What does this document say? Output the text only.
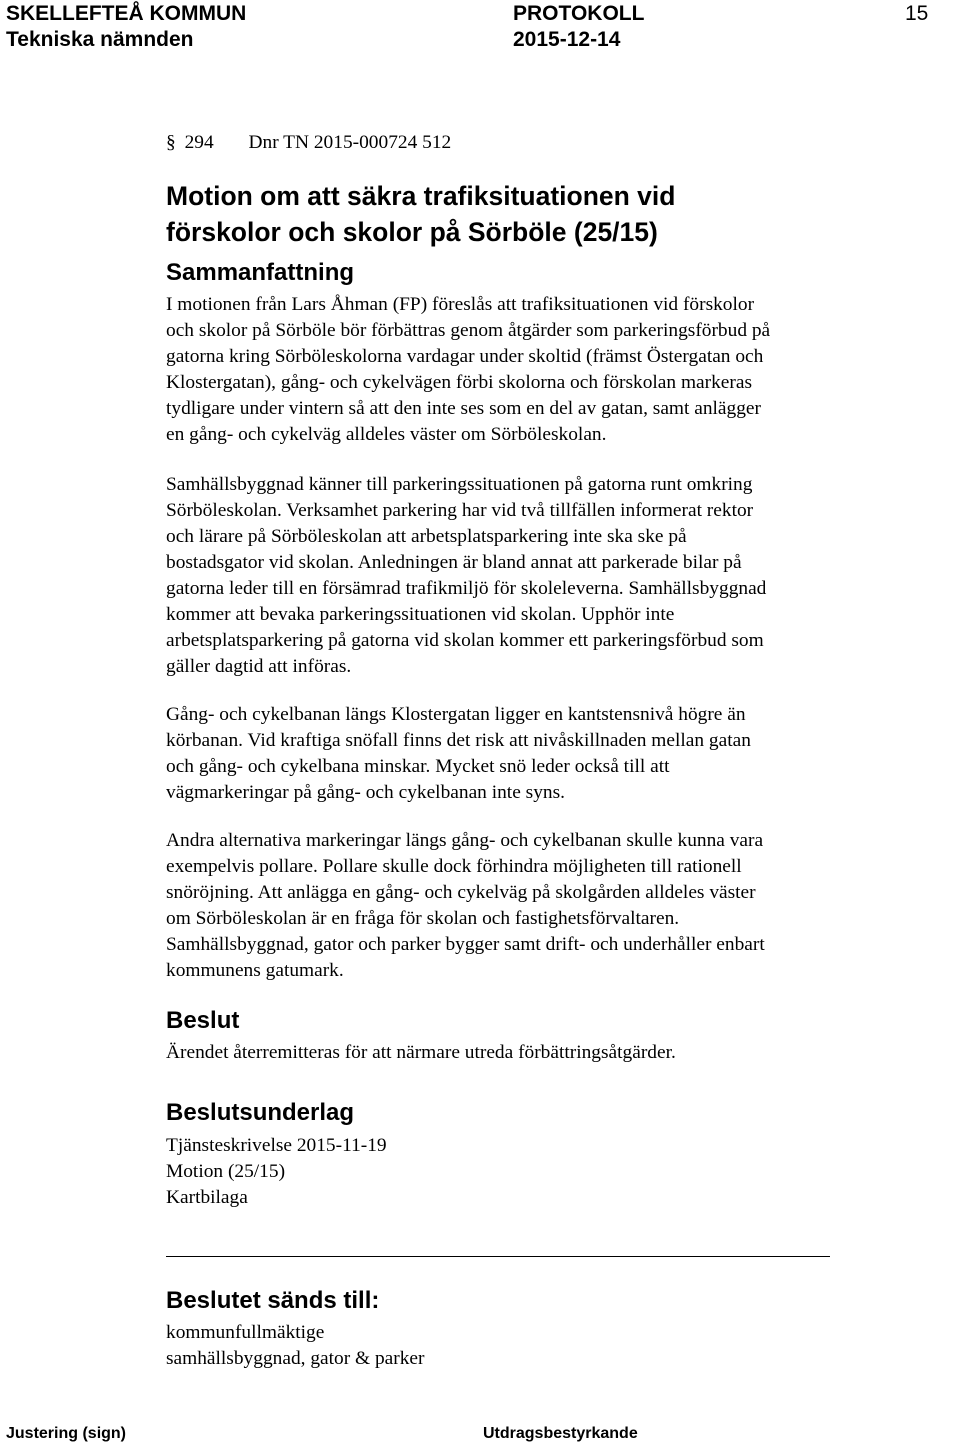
SKELLEFTEÅ KOMMUN
Tekniska nämnden
PROTOKOLL
2015-12-14
15
§ 294 Dnr TN 2015-000724 512
Motion om att säkra trafiksituationen vid
förskolor och skolor på Sörböle (25/15)
Sammanfattning
I motionen från Lars Åhman (FP) föreslås att trafiksituationen vid förskolor
och skolor på Sörböle bör förbättras genom åtgärder som parkeringsförbud på
gatorna kring Sörböleskolorna vardagar under skoltid (främst Östergatan och
Klostergatan), gång- och cykelvägen förbi skolorna och förskolan markeras
tydligare under vintern så att den inte ses som en del av gatan, samt anlägger
en gång- och cykelväg alldeles väster om Sörböleskolan.
Samhällsbyggnad känner till parkeringssituationen på gatorna runt omkring
Sörböleskolan. Verksamhet parkering har vid två tillfällen informerat rektor
och lärare på Sörböleskolan att arbetsplatsparkering inte ska ske på
bostadsgator vid skolan. Anledningen är bland annat att parkerade bilar på
gatorna leder till en försämrad trafikmiljö för skoleleverna. Samhällsbyggnad
kommer att bevaka parkeringssituationen vid skolan. Upphör inte
arbetsplatsparkering på gatorna vid skolan kommer ett parkeringsförbud som
gäller dagtid att införas.
Gång- och cykelbanan längs Klostergatan ligger en kantstensnivå högre än
körbanan. Vid kraftiga snöfall finns det risk att nivåskillnaden mellan gatan
och gång- och cykelbana minskar. Mycket snö leder också till att
vägmarkeringar på gång- och cykelbanan inte syns.
Andra alternativa markeringar längs gång- och cykelbanan skulle kunna vara
exempelvis pollare. Pollare skulle dock förhindra möjligheten till rationell
snöröjning. Att anlägga en gång- och cykelväg på skolgården alldeles väster
om Sörböleskolan är en fråga för skolan och fastighetsförvaltaren.
Samhällsbyggnad, gator och parker bygger samt drift- och underhåller enbart
kommunens gatumark.
Beslut
Ärendet återremitteras för att närmare utreda förbättringsåtgärder.
Beslutsunderlag
Tjänsteskrivelse 2015-11-19
Motion (25/15)
Kartbilaga
Beslutet sänds till:
kommunfullmäktige
samhällsbyggnad, gator & parker
Justering (sign)	Utdragsbestyrkande
